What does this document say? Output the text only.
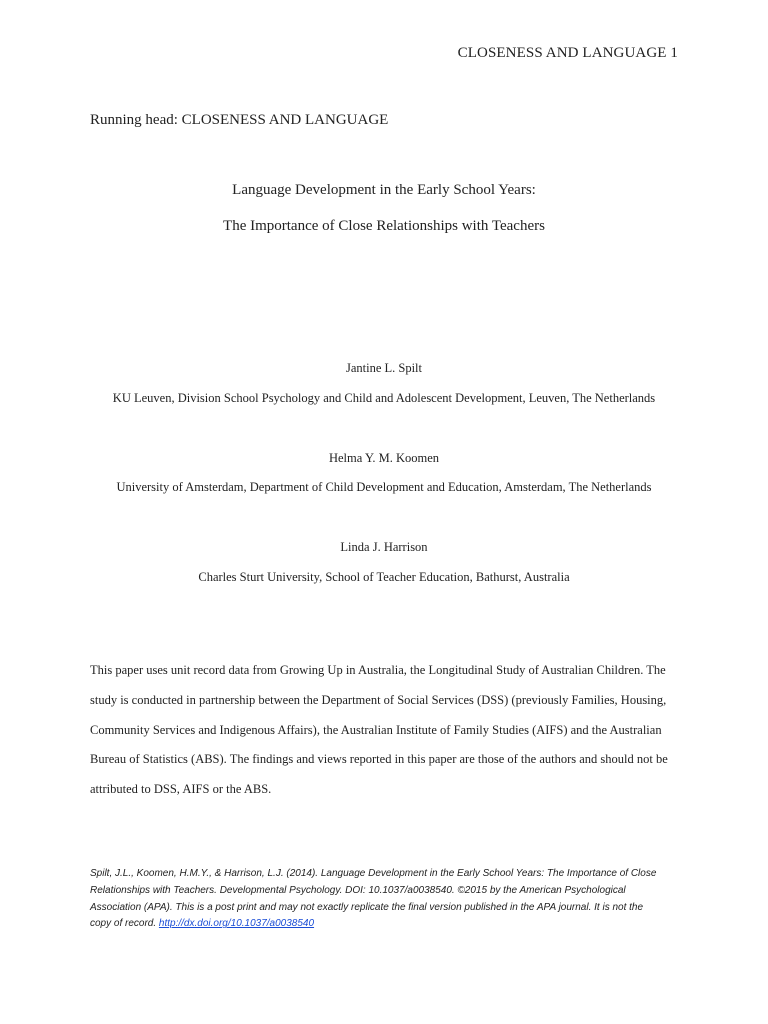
CLOSENESS AND LANGUAGE 1
Running head: CLOSENESS AND LANGUAGE
Language Development in the Early School Years:
The Importance of Close Relationships with Teachers
Jantine L. Spilt
KU Leuven, Division School Psychology and Child and Adolescent Development, Leuven, The Netherlands
Helma Y. M. Koomen
University of Amsterdam, Department of Child Development and Education, Amsterdam, The Netherlands
Linda J. Harrison
Charles Sturt University, School of Teacher Education, Bathurst, Australia
This paper uses unit record data from Growing Up in Australia, the Longitudinal Study of Australian Children. The
study is conducted in partnership between the Department of Social Services (DSS) (previously Families, Housing,
Community Services and Indigenous Affairs), the Australian Institute of Family Studies (AIFS) and the Australian
Bureau of Statistics (ABS). The findings and views reported in this paper are those of the authors and should not be
attributed to DSS, AIFS or the ABS.
Spilt, J.L., Koomen, H.M.Y., & Harrison, L.J. (2014). Language Development in the Early School Years: The Importance of Close
Relationships with Teachers. Developmental Psychology. DOI: 10.1037/a0038540. ©2015 by the American Psychological
Association (APA). This is a post print and may not exactly replicate the final version published in the APA journal. It is not the
copy of record. http://dx.doi.org/10.1037/a0038540
